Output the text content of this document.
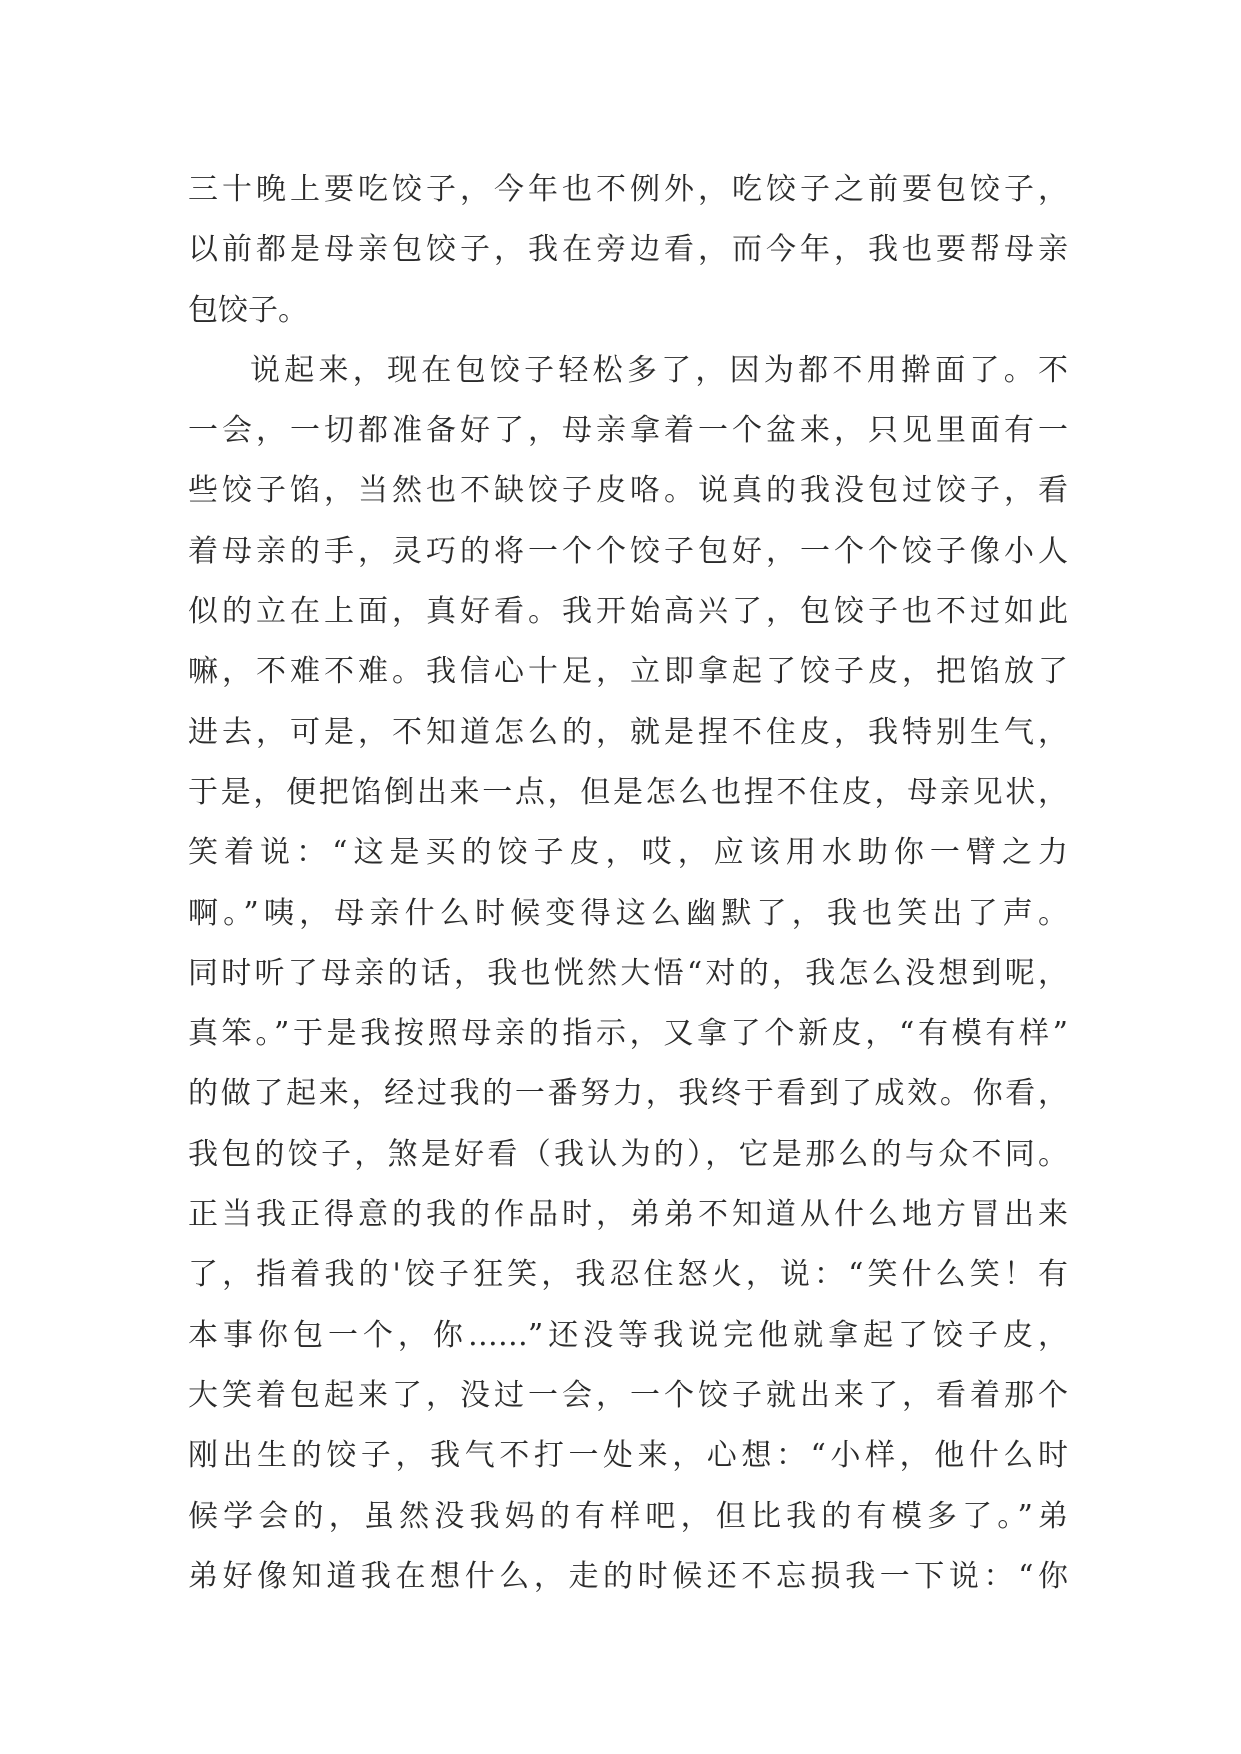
三十晚上要吃饺子，今年也不例外，吃饺子之前要包饺子，
以前都是母亲包饺子，我在旁边看，而今年，我也要帮母亲
包饺子。

说起来，现在包饺子轻松多了，因为都不用擀面了。不
一会，一切都准备好了，母亲拿着一个盆来，只见里面有一
些饺子馅，当然也不缺饺子皮咯。说真的我没包过饺子，看
着母亲的手，灵巧的将一个个饺子包好，一个个饺子像小人
似的立在上面，真好看。我开始高兴了，包饺子也不过如此
嘛，不难不难。我信心十足，立即拿起了饺子皮，把馅放了
进去，可是，不知道怎么的，就是捏不住皮，我特别生气，
于是，便把馅倒出来一点，但是怎么也捏不住皮，母亲见状，
笑着说：“这是买的饺子皮，哎，应该用水助你一臂之力
啊。”咦，母亲什么时候变得这么幽默了，我也笑出了声。
同时听了母亲的话，我也恍然大悟“对的，我怎么没想到呢，
真笨。”于是我按照母亲的指示，又拿了个新皮，“有模有样”
的做了起来，经过我的一番努力，我终于看到了成效。你看，
我包的饺子，煞是好看（我认为的），它是那么的与众不同。
正当我正得意的我的作品时，弟弟不知道从什么地方冒出来
了，指着我的'饺子狂笑，我忍住怒火，说：“笑什么笑！有
本事你包一个，你……”还没等我说完他就拿起了饺子皮，
大笑着包起来了，没过一会，一个饺子就出来了，看着那个
刚出生的饺子，我气不打一处来，心想：“小样，他什么时
候学会的，虽然没我妈的有样吧，但比我的有模多了。”弟
弟好像知道我在想什么，走的时候还不忘损我一下说：“你
